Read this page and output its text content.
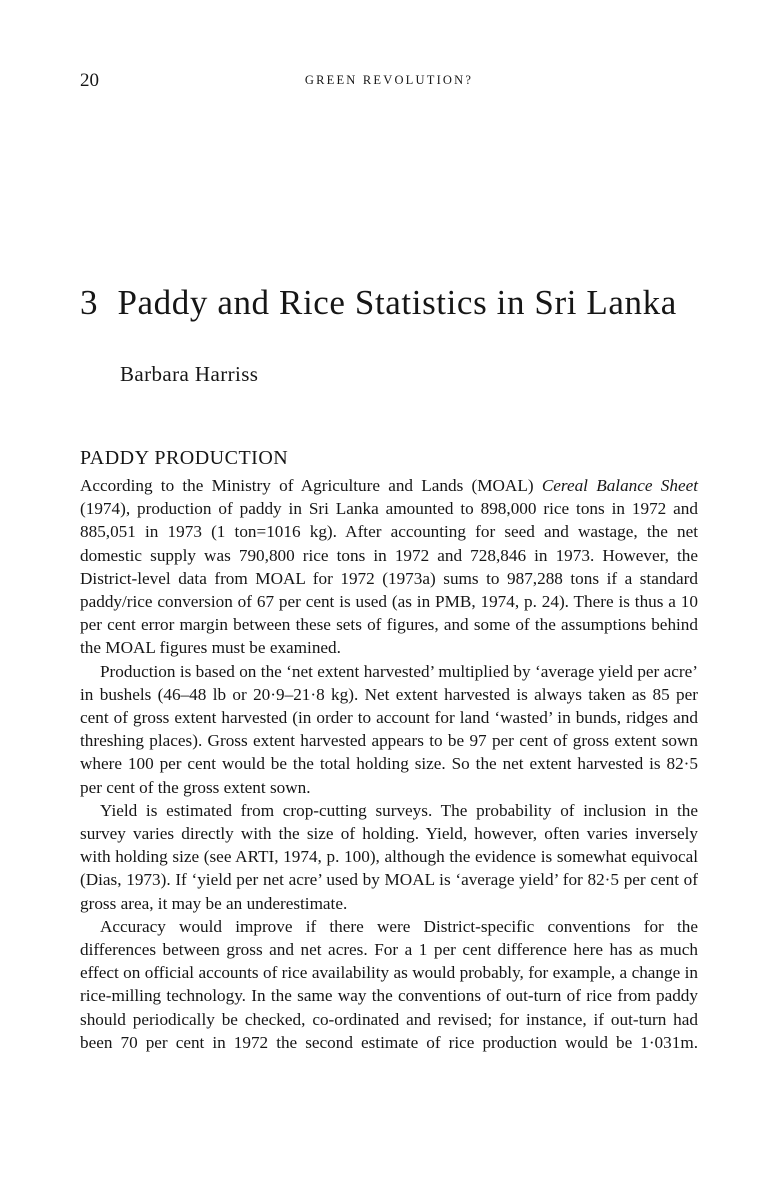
20	GREEN REVOLUTION?
3 Paddy and Rice Statistics in Sri Lanka
Barbara Harriss
PADDY PRODUCTION

According to the Ministry of Agriculture and Lands (MOAL) Cereal Balance Sheet (1974), production of paddy in Sri Lanka amounted to 898,000 rice tons in 1972 and 885,051 in 1973 (1 ton=1016 kg). After accounting for seed and wastage, the net domestic supply was 790,800 rice tons in 1972 and 728,846 in 1973. However, the District-level data from MOAL for 1972 (1973a) sums to 987,288 tons if a standard paddy/rice conversion of 67 per cent is used (as in PMB, 1974, p. 24). There is thus a 10 per cent error margin between these sets of figures, and some of the assumptions behind the MOAL figures must be examined.

Production is based on the ‘net extent harvested’ multiplied by ‘average yield per acre’ in bushels (46–48 lb or 20·9–21·8 kg). Net extent harvested is always taken as 85 per cent of gross extent harvested (in order to account for land ‘wasted’ in bunds, ridges and threshing places). Gross extent harvested appears to be 97 per cent of gross extent sown where 100 per cent would be the total holding size. So the net extent harvested is 82·5 per cent of the gross extent sown.

Yield is estimated from crop-cutting surveys. The probability of inclusion in the survey varies directly with the size of holding. Yield, however, often varies inversely with holding size (see ARTI, 1974, p. 100), although the evidence is somewhat equivocal (Dias, 1973). If ‘yield per net acre’ used by MOAL is ‘average yield’ for 82·5 per cent of gross area, it may be an underestimate.

Accuracy would improve if there were District-specific conventions for the differences between gross and net acres. For a 1 per cent difference here has as much effect on official accounts of rice availability as would probably, for example, a change in rice-milling technology. In the same way the conventions of out-turn of rice from paddy should periodically be checked, co-ordinated and revised; for instance, if out-turn had been 70 per cent in 1972 the second estimate of rice production would be 1·031m.
